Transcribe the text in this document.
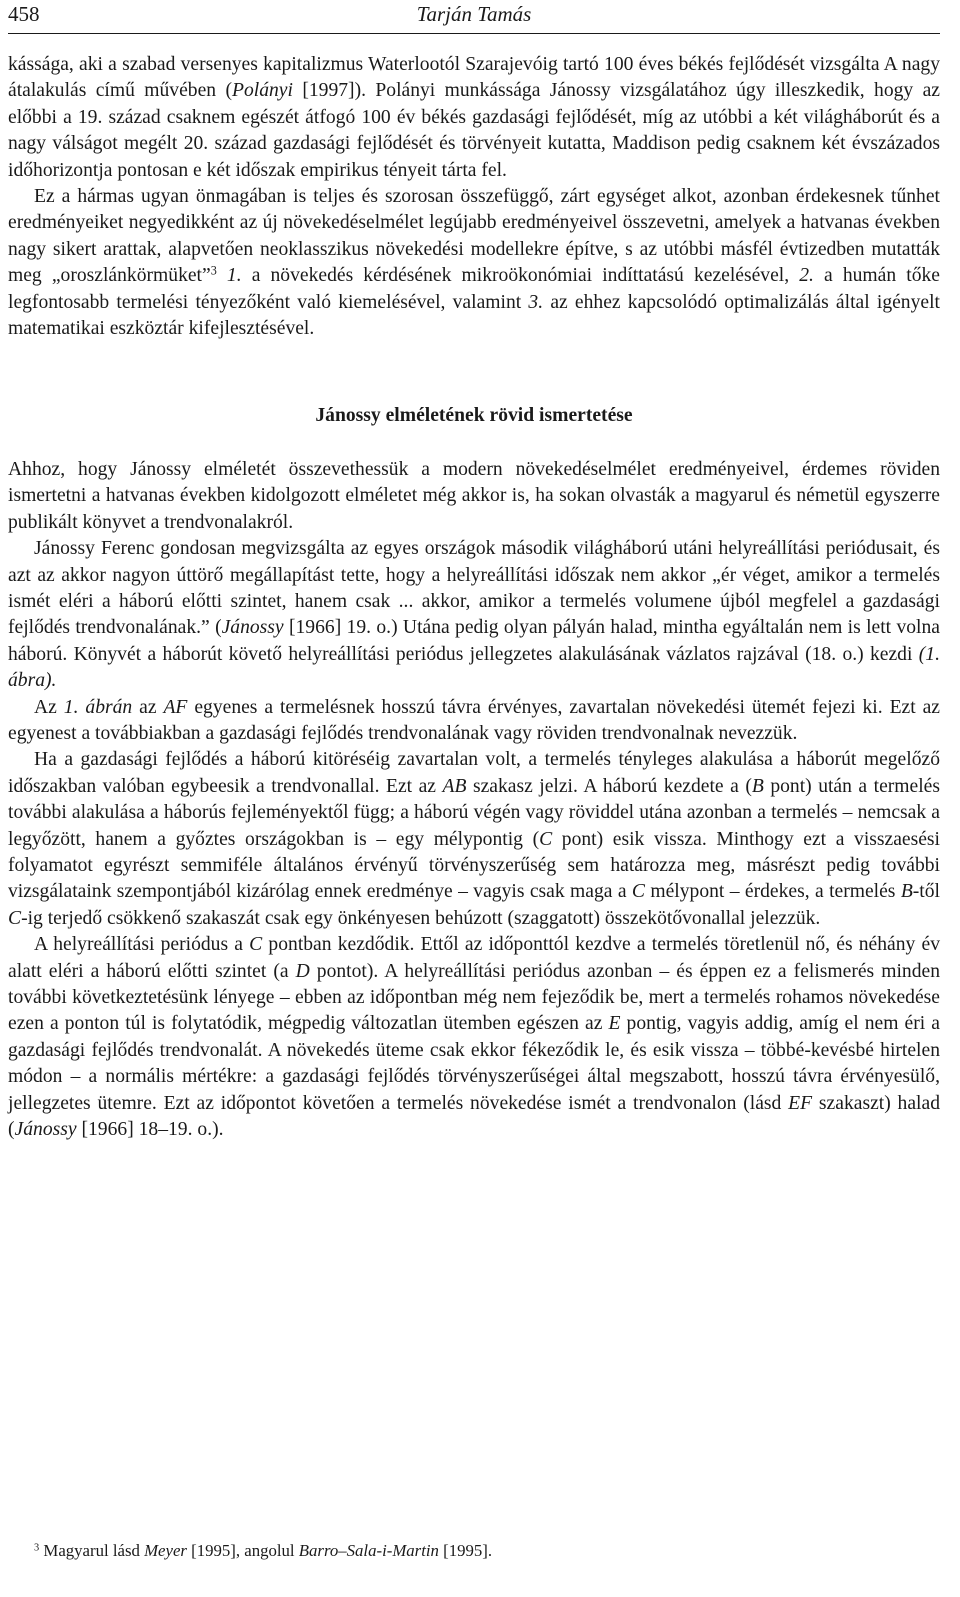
458	Tarján Tamás

kássága, aki a szabad versenyes kapitalizmus Waterlootól Szarajevóig tartó 100 éves békés fejlődését vizsgálta A nagy átalakulás című művében (Polányi [1997]). Polányi munkássága Jánossy vizsgálatához úgy illeszkedik, hogy az előbbi a 19. század csaknem egészét átfogó 100 év békés gazdasági fejlődését, míg az utóbbi a két világháborút és a nagy válságot megélt 20. század gazdasági fejlődését és törvényeit kutatta, Maddison pedig csaknem két évszázados időhorizontja pontosan e két időszak empirikus tényeit tárta fel.

Ez a hármas ugyan önmagában is teljes és szorosan összefüggő, zárt egységet alkot, azonban érdekesnek tűnhet eredményeiket negyedikként az új növekedéselmélet legújabb eredményeivel összevetni, amelyek a hatvanas években nagy sikert arattak, alapvetően neoklasszikus növekedési modellekre építve, s az utóbbi másfél évtizedben mutatták meg „oroszlánkörmüket”$^3$ 1. a növekedés kérdésének mikroökonómiai indíttatású kezelésével, 2. a humán tőke legfontosabb termelési tényezőként való kiemelésével, valamint 3. az ehhez kapcsolódó optimalizálás által igényelt matematikai eszköztár kifejlesztésével.

Jánossy elméletének rövid ismertetése

Ahhoz, hogy Jánossy elméletét összevethessük a modern növekedéselmélet eredményeivel, érdemes röviden ismertetni a hatvanas években kidolgozott elméletet még akkor is, ha sokan olvasták a magyarul és németül egyszerre publikált könyvet a trendvonalakról.

Jánossy Ferenc gondosan megvizsgálta az egyes országok második világháború utáni helyreállítási periódusait, és azt az akkor nagyon úttörő megállapítást tette, hogy a helyreállítási időszak nem akkor „ér véget, amikor a termelés ismét eléri a háború előtti szintet, hanem csak ... akkor, amikor a termelés volumene újból megfelel a gazdasági fejlődés trendvonalának.” (Jánossy [1966] 19. o.) Utána pedig olyan pályán halad, mintha egyáltalán nem is lett volna háború. Könyvét a háborút követő helyreállítási periódus jellegzetes alakulásának vázlatos rajzával (18. o.) kezdi (1. ábra).

Az 1. ábrán az AF egyenes a termelésnek hosszú távra érvényes, zavartalan növekedési ütemét fejezi ki. Ezt az egyenest a továbbiakban a gazdasági fejlődés trendvonalának vagy röviden trendvonalnak nevezzük.

Ha a gazdasági fejlődés a háború kitöréséig zavartalan volt, a termelés tényleges alakulása a háborút megelőző időszakban valóban egybeesik a trendvonallal. Ezt az AB szakasz jelzi. A háború kezdete a (B pont) után a termelés további alakulása a háborús fejleményektől függ; a háború végén vagy röviddel utána azonban a termelés – nemcsak a legyőzött, hanem a győztes országokban is – egy mélypontig (C pont) esik vissza. Minthogy ezt a visszaesési folyamatot egyrészt semmiféle általános érvényű törvényszerűség sem határozza meg, másrészt pedig további vizsgálataink szempontjából kizárólag ennek eredménye – vagyis csak maga a C mélypont – érdekes, a termelés B-től C-ig terjedő csökkenő szakaszát csak egy önkényesen behúzott (szaggatott) összekötővonallal jelezzük.

A helyreállítási periódus a C pontban kezdődik. Ettől az időponttól kezdve a termelés töretlenül nő, és néhány év alatt eléri a háború előtti szintet (a D pontot). A helyreállítási periódus azonban – és éppen ez a felismerés minden további következtetésünk lényege – ebben az időpontban még nem fejeződik be, mert a termelés rohamos növekedése ezen a ponton túl is folytatódik, mégpedig változatlan ütemben egészen az E pontig, vagyis addig, amíg el nem éri a gazdasági fejlődés trendvonalát. A növekedés üteme csak ekkor fékeződik le, és esik vissza – többé-kevésbé hirtelen módon – a normális mértékre: a gazdasági fejlődés törvényszerűségei által megszabott, hosszú távra érvényesülő, jellegzetes ütemre. Ezt az időpontot követően a termelés növekedése ismét a trendvonalon (lásd EF szakaszt) halad (Jánossy [1966] 18–19. o.).

$^3$ Magyarul lásd Meyer [1995], angolul Barro–Sala-i-Martin [1995].
